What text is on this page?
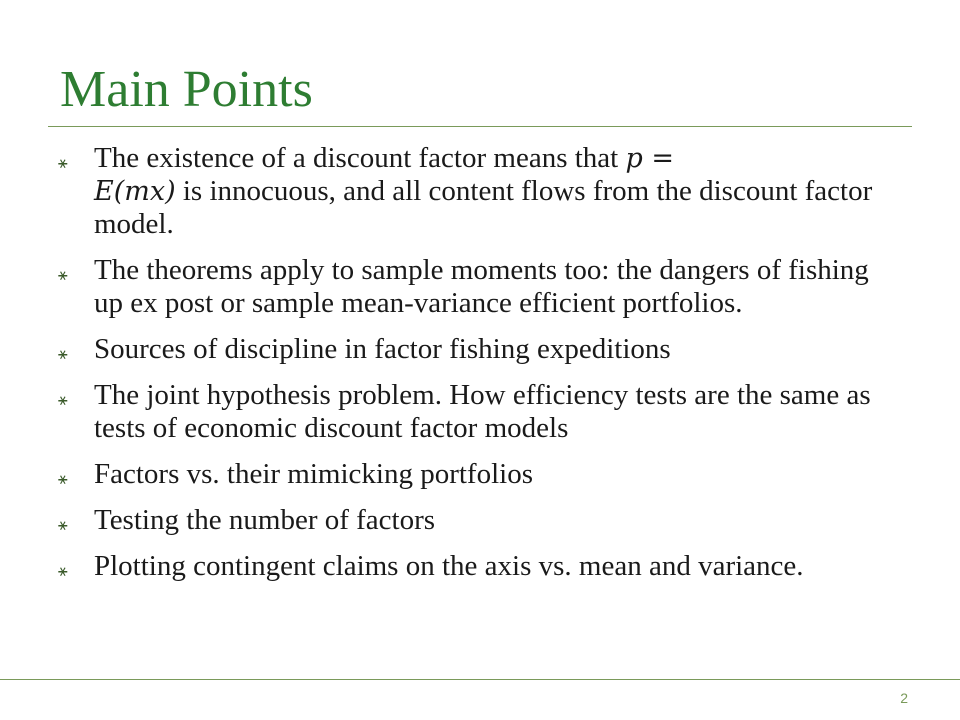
Main Points
⚹ The existence of a discount factor means that p =
E(mx) is innocuous, and all content flows from the discount factor model.
⚹ The theorems apply to sample moments too: the dangers of fishing up ex post or sample mean-variance efficient portfolios.
⚹ Sources of discipline in factor fishing expeditions
⚹ The joint hypothesis problem. How efficiency tests are the same as tests of economic discount factor models
⚹ Factors vs. their mimicking portfolios
⚹ Testing the number of factors
⚹ Plotting contingent claims on the axis vs. mean and variance.
2
